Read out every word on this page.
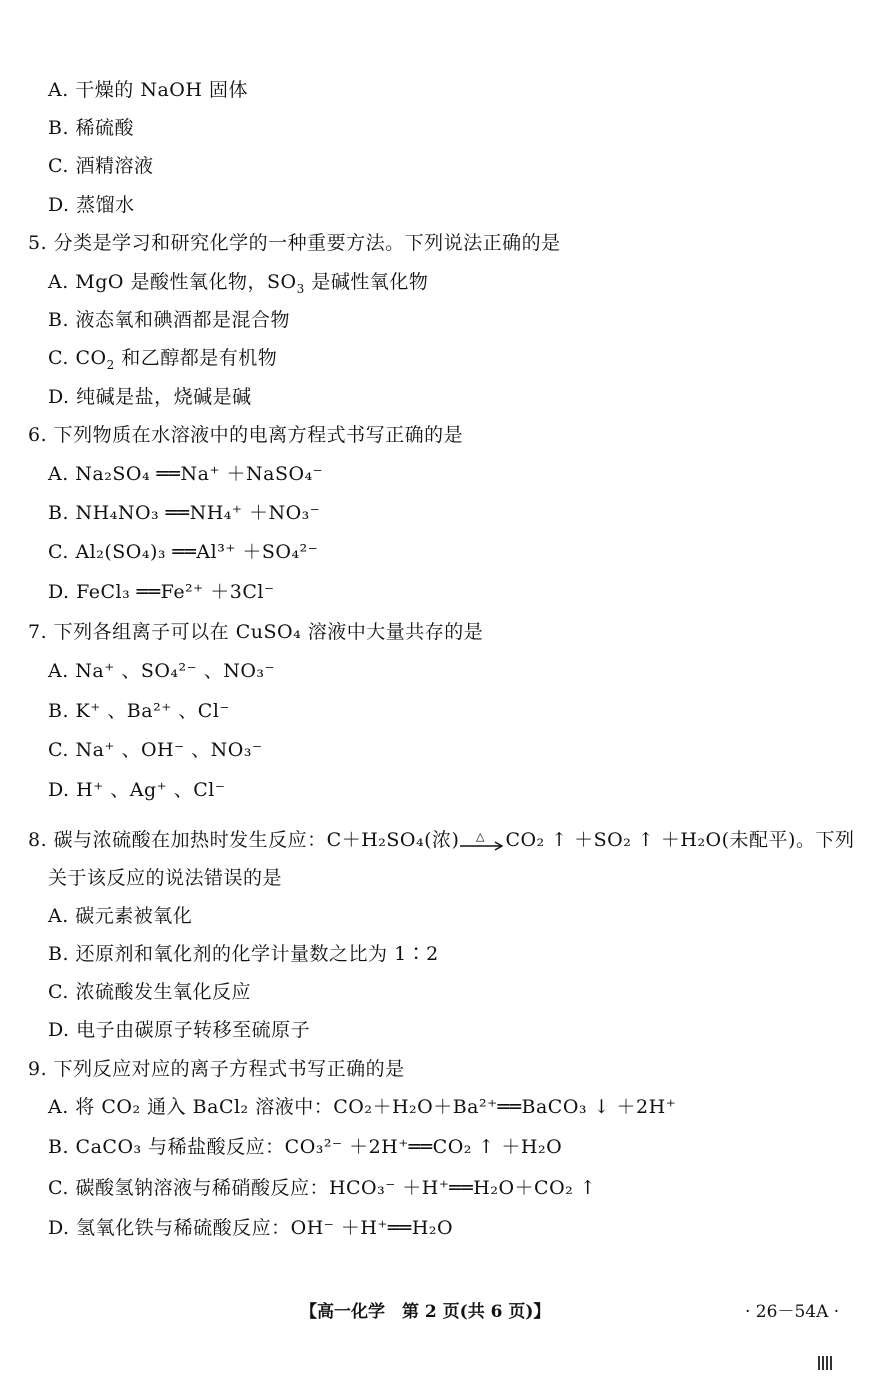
A. 干燥的 NaOH 固体
B. 稀硫酸
C. 酒精溶液
D. 蒸馏水
5. 分类是学习和研究化学的一种重要方法。下列说法正确的是
A. MgO 是酸性氧化物，$SO_3$ 是碱性氧化物
B. 液态氧和碘酒都是混合物
C. $CO_2$ 和乙醇都是有机物
D. 纯碱是盐，烧碱是碱
6. 下列物质在水溶液中的电离方程式书写正确的是
A. Na₂SO₄ ══Na⁺ ＋NaSO₄⁻
B. NH₄NO₃ ══NH₄⁺ ＋NO₃⁻
C. Al₂(SO₄)₃ ══Al³⁺ ＋SO₄²⁻
D. FeCl₃ ══Fe²⁺ ＋3Cl⁻
7. 下列各组离子可以在 CuSO₄ 溶液中大量共存的是
A. Na⁺ 、SO₄²⁻ 、NO₃⁻
B. K⁺ 、Ba²⁺ 、Cl⁻
C. Na⁺ 、OH⁻ 、NO₃⁻
D. H⁺ 、Ag⁺ 、Cl⁻
8. 碳与浓硫酸在加热时发生反应：C＋H₂SO₄(浓) △ CO₂ ↑ ＋SO₂ ↑ ＋H₂O(未配平)。下列
关于该反应的说法错误的是
A. 碳元素被氧化
B. 还原剂和氧化剂的化学计量数之比为 1∶2
C. 浓硫酸发生氧化反应
D. 电子由碳原子转移至硫原子
9. 下列反应对应的离子方程式书写正确的是
A. 将 CO₂ 通入 BaCl₂ 溶液中：CO₂＋H₂O＋Ba²⁺══BaCO₃ ↓ ＋2H⁺
B. CaCO₃ 与稀盐酸反应：CO₃²⁻ ＋2H⁺══CO₂ ↑ ＋H₂O
C. 碳酸氢钠溶液与稀硝酸反应：HCO₃⁻ ＋H⁺══H₂O＋CO₂ ↑
D. 氢氧化铁与稀硫酸反应：OH⁻ ＋H⁺══H₂O
【高一化学　第 2 页(共 6 页)】	· 26－54A ·
